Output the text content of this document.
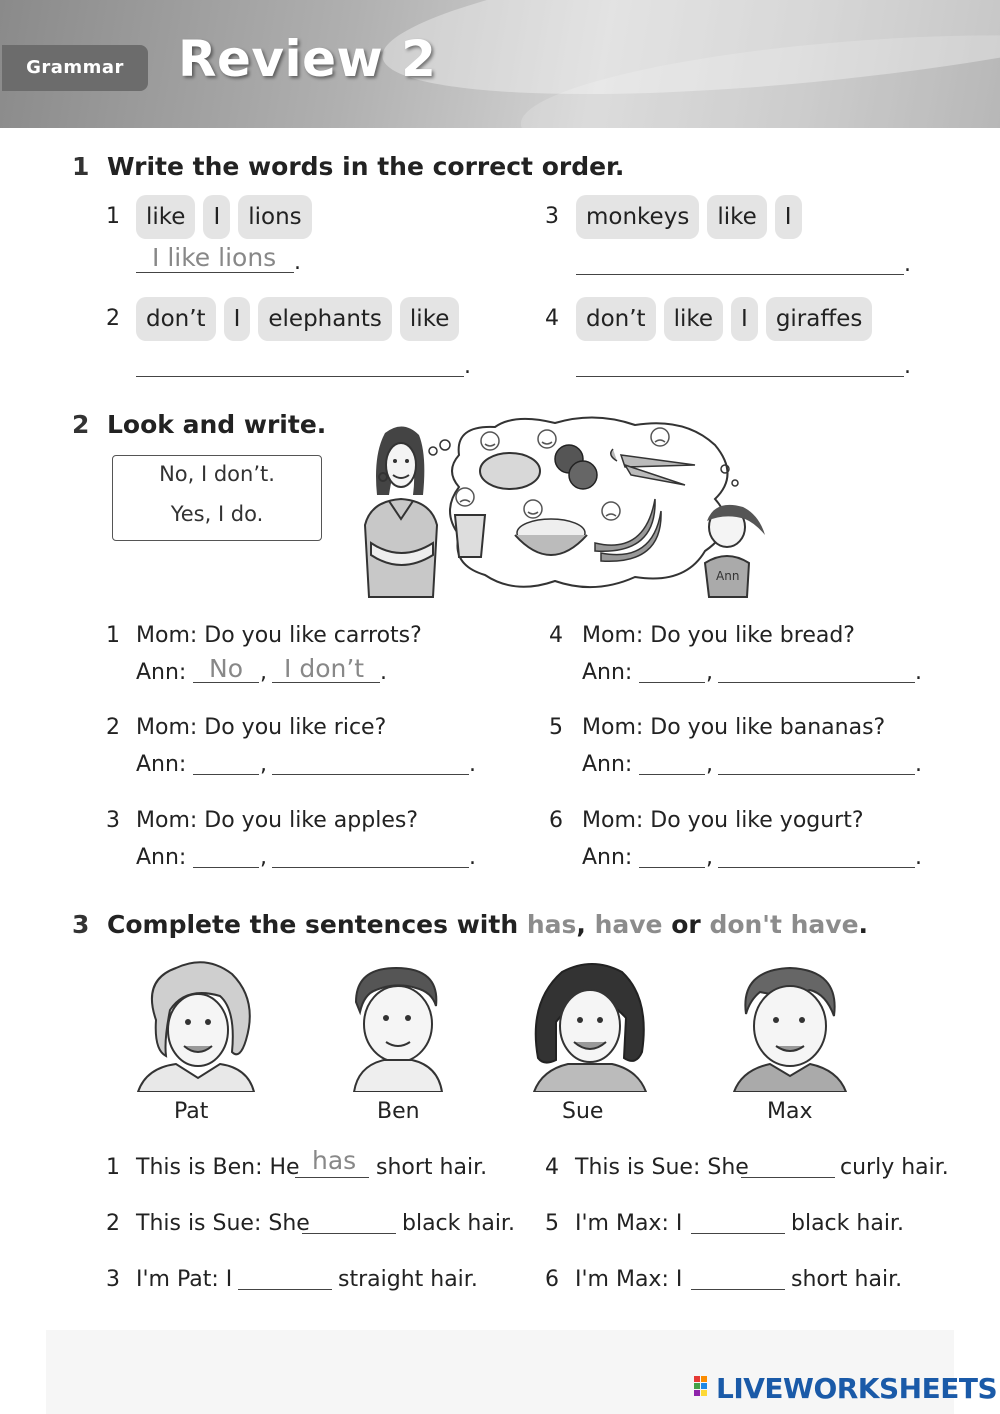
Grammar	Review 2
1 Write the words in the correct order.
1	like I lions
I like lions .
2	don’t I elephants like
.
3	monkeys like I
.
4	don’t like I giraffes
.
2 Look and write.
No, I don’t.
Yes, I do.
Ann
1 Mom: Do you like carrots?
Ann: No , I don’t .
2 Mom: Do you like rice?
Ann:	,	.
3 Mom: Do you like apples?
Ann:	,	.
4 Mom: Do you like bread?
Ann:	,	.
5 Mom: Do you like bananas?
Ann:	,	.
6 Mom: Do you like yogurt?
Ann:	,	.
3 Complete the sentences with has, have or don't have.
Pat	Ben	Sue	Max
1 This is Ben: He has short hair.
2 This is Sue: She	black hair.
3 I'm Pat: I	straight hair.
4 This is Sue: She	curly hair.
5 I'm Max: I	black hair.
6 I'm Max: I	short hair.
LIVEWORKSHEETS
